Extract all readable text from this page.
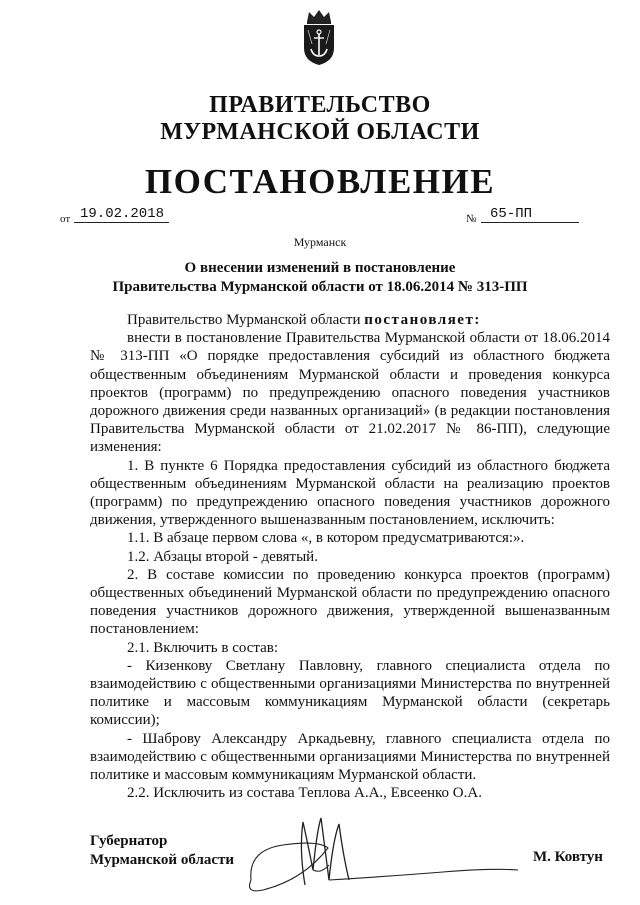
ПРАВИТЕЛЬСТВО
МУРМАНСКОЙ ОБЛАСТИ
ПОСТАНОВЛЕНИЕ
от 19.02.2018	№ 65-ПП
Мурманск
О внесении изменений в постановление
Правительства Мурманской области от 18.06.2014 № 313-ПП

Правительство Мурманской области постановляет:

внести в постановление Правительства Мурманской области от 18.06.2014 № 313-ПП «О порядке предоставления субсидий из областного бюджета общественным объединениям Мурманской области и проведения конкурса проектов (программ) по предупреждению опасного поведения участников дорожного движения среди названных организаций» (в редакции постановления Правительства Мурманской области от 21.02.2017 № 86-ПП), следующие изменения:

1. В пункте 6 Порядка предоставления субсидий из областного бюджета общественным объединениям Мурманской области на реализацию проектов (программ) по предупреждению опасного поведения участников дорожного движения, утвержденного вышеназванным постановлением, исключить:

1.1. В абзаце первом слова «, в котором предусматриваются:».

1.2. Абзацы второй - девятый.

2. В составе комиссии по проведению конкурса проектов (программ) общественных объединений Мурманской области по предупреждению опасного поведения участников дорожного движения, утвержденной вышеназванным постановлением:

2.1. Включить в состав:

- Кизенкову Светлану Павловну, главного специалиста отдела по взаимодействию с общественными организациями Министерства по внутренней политике и массовым коммуникациям Мурманской области (секретарь комиссии);

- Шаброву Александру Аркадьевну, главного специалиста отдела по взаимодействию с общественными организациями Министерства по внутренней политике и массовым коммуникациям Мурманской области.

2.2. Исключить из состава Теплова А.А., Евсеенко О.А.

Губернатор
Мурманской области	М. Ковтун
